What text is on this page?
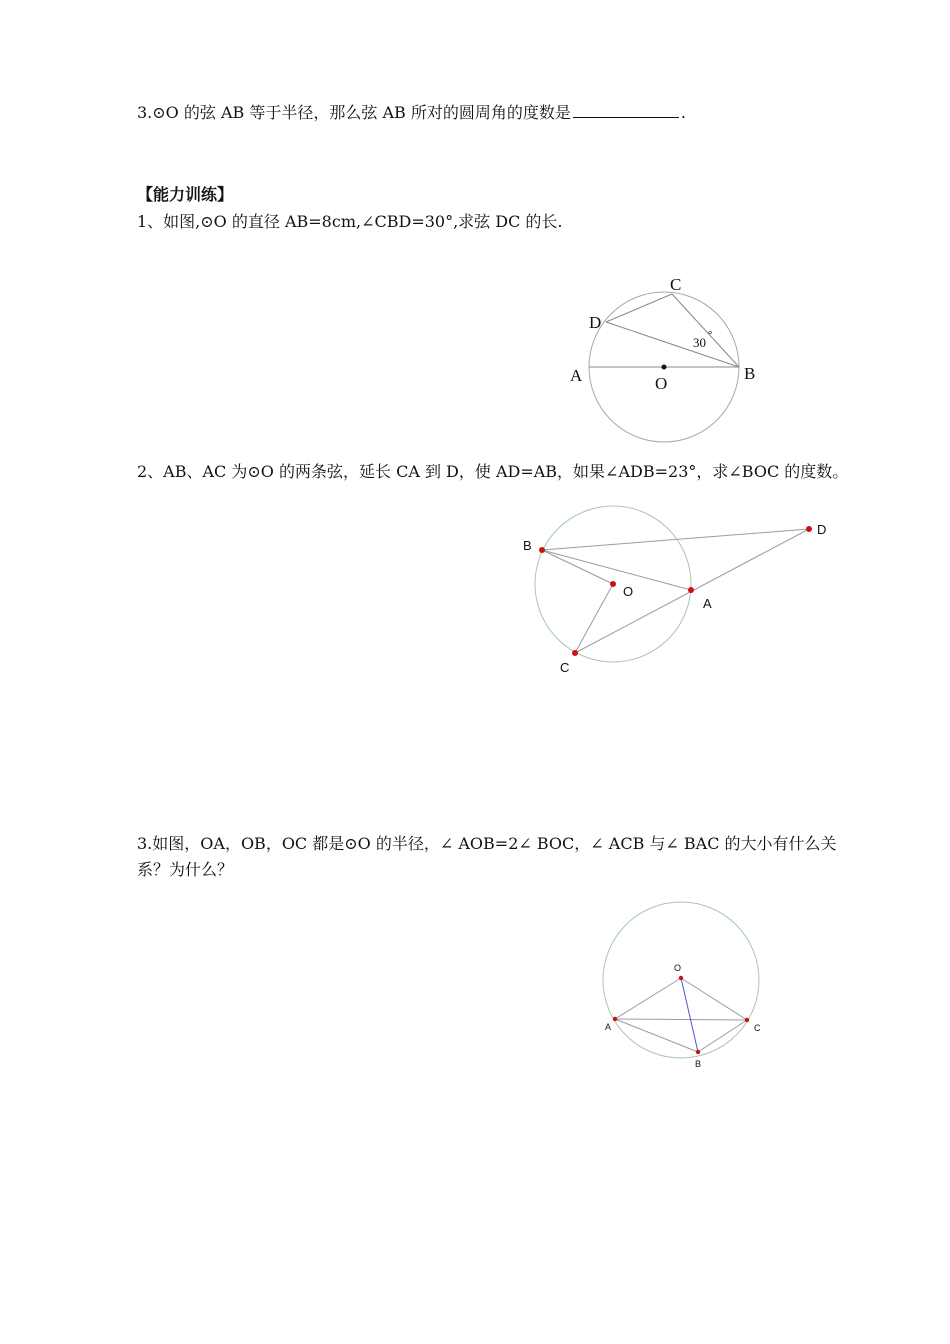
3.⊙O 的弦 AB 等于半径，那么弦 AB 所对的圆周角的度数是	.
【能力训练】
1、如图,⊙O 的直径 AB=8cm,∠CBD=30°,求弦 DC 的长.
C
D
A	B
O
30 °
2、AB、AC 为⊙O 的两条弦，延长 CA 到 D，使 AD=AB，如果∠ADB=23°，求∠BOC 的度数。
B
O
A
C
D
3.如图，OA，OB，OC 都是⊙O 的半径，∠ AOB=2∠ BOC，∠ ACB 与∠ BAC 的大小有什么关
系？为什么？
O
A	C
B
